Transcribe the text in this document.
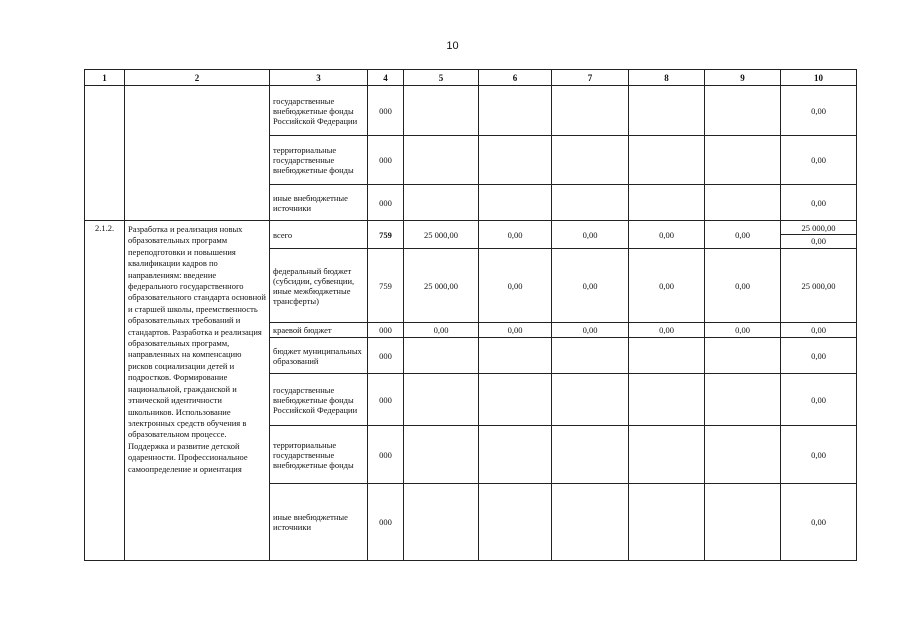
10
1	2	3	4	5	6	7	8	9	10
		государственные внебюджетные фонды Российской Федерации	000						0,00
		территориальные государственные внебюджетные фонды	000						0,00
		иные внебюджетные источники	000						0,00
2.1.2.	Разработка и реализация новых образовательных программ переподготовки и повышения квалификации кадров по направлениям: введение федерального государственного образовательного стандарта основной и старшей школы, преемственность образовательных требований и стандартов. Разработка и реализация образовательных программ, направленных на компенсацию рисков социализации детей и подростков. Формирование национальной, гражданской и этнической идентичности школьников. Использование электронных средств обучения в образовательном процессе. Поддержка и развитие детской одаренности. Профессиональное самоопределение и ориентация	всего	759	25 000,00	0,00	0,00	0,00	0,00	25 000,00
0,00

		федеральный бюджет (субсидии, субвенции, иные межбюджетные трансферты)	759	25 000,00	0,00	0,00	0,00	0,00	25 000,00
		краевой бюджет	000	0,00	0,00	0,00	0,00	0,00	0,00
		бюджет муниципальных образований	000						0,00
		государственные внебюджетные фонды Российской Федерации	000						0,00
		территориальные государственные внебюджетные фонды	000						0,00
		иные внебюджетные источники	000						0,00
